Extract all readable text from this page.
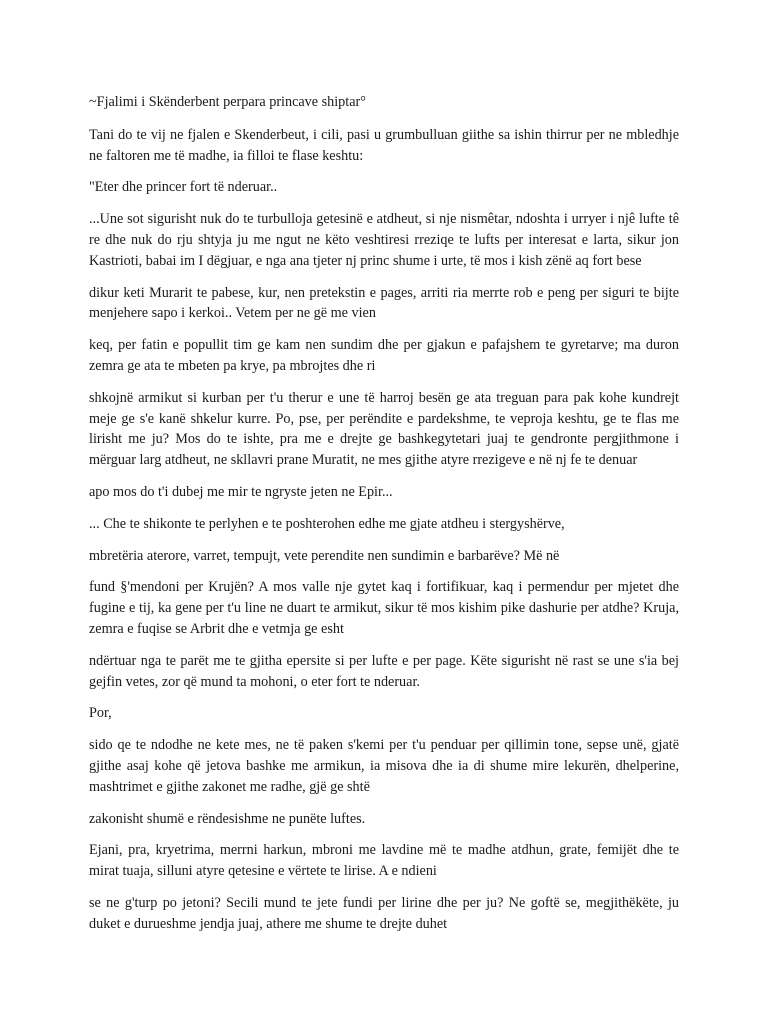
~Fjalimi i Skënderbent perpara princave shiptar°

Tani do te vij ne fjalen e Skenderbeut, i cili, pasi u grumbulluan giithe sa ishin thirrur per ne mbledhje ne faltoren me të madhe, ia filloi te flase keshtu:

"Eter dhe princer fort të nderuar..

...Une sot sigurisht nuk do te turbulloja getesinë e atdheut, si nje nismêtar, ndoshta i urryer i njê lufte tê re dhe nuk do rju shtyja ju me ngut ne këto veshtiresi rreziqe te lufts per interesat e larta, sikur jon Kastrioti, babai im I dëgjuar, e nga ana tjeter nj princ shume i urte, të mos i kish zënë aq fort bese

dikur keti Murarit te pabese, kur, nen pretekstin e pages, arriti ria merrte rob e peng per siguri te bijte menjehere sapo i kerkoi.. Vetem per ne gë me vien

keq, per fatin e popullit tim ge kam nen sundim dhe per gjakun e pafajshem te gyretarve; ma duron zemra ge ata te mbeten pa krye, pa mbrojtes dhe ri

shkojnë armikut si kurban per t'u therur e une të harroj besën ge ata treguan para pak kohe kundrejt meje ge s'e kanë shkelur kurre. Po, pse, per perëndite e pardekshme, te veproja keshtu, ge te flas me lirisht me ju? Mos do te ishte, pra me e drejte ge bashkegytetari juaj te gendronte pergjithmone i mërguar larg atdheut, ne skllavri prane Muratit, ne mes gjithe atyre rrezigeve e në nj fe te denuar

apo mos do t'i dubej me mir te ngryste jeten ne Epir...

... Che te shikonte te perlyhen e te poshterohen edhe me gjate atdheu i stergyshërve,

mbretëria aterore, varret, tempujt, vete perendite nen sundimin e barbarëve? Më në

fund §'mendoni per Krujën? A mos valle nje gytet kaq i fortifikuar, kaq i permendur per mjetet dhe fugine e tij, ka gene per t'u line ne duart te armikut, sikur të mos kishim pike dashurie per atdhe? Kruja, zemra e fuqise se Arbrit dhe e vetmja ge esht

ndërtuar nga te parët me te gjitha epersite si per lufte e per page. Këte sigurisht në rast se une s'ia bej gejfin vetes, zor që mund ta mohoni, o eter fort te nderuar.

Por,

sido qe te ndodhe ne kete mes, ne të paken s'kemi per t'u penduar per qillimin tone, sepse unë, gjatë gjithe asaj kohe që jetova bashke me armikun, ia misova dhe ia di shume mire lekurën, dhelperine, mashtrimet e gjithe zakonet me radhe, gjë ge shtë

zakonisht shumë e rëndesishme ne punëte luftes.

Ejani, pra, kryetrima, merrni harkun, mbroni me lavdine më te madhe atdhun, grate, femijët dhe te mirat tuaja, silluni atyre qetesine e vërtete te lirise. A e ndieni

se ne g'turp po jetoni? Secili mund te jete fundi per lirine dhe per ju? Ne goftë se, megjithëkëte, ju duket e durueshme jendja juaj, athere me shume te drejte duhet
